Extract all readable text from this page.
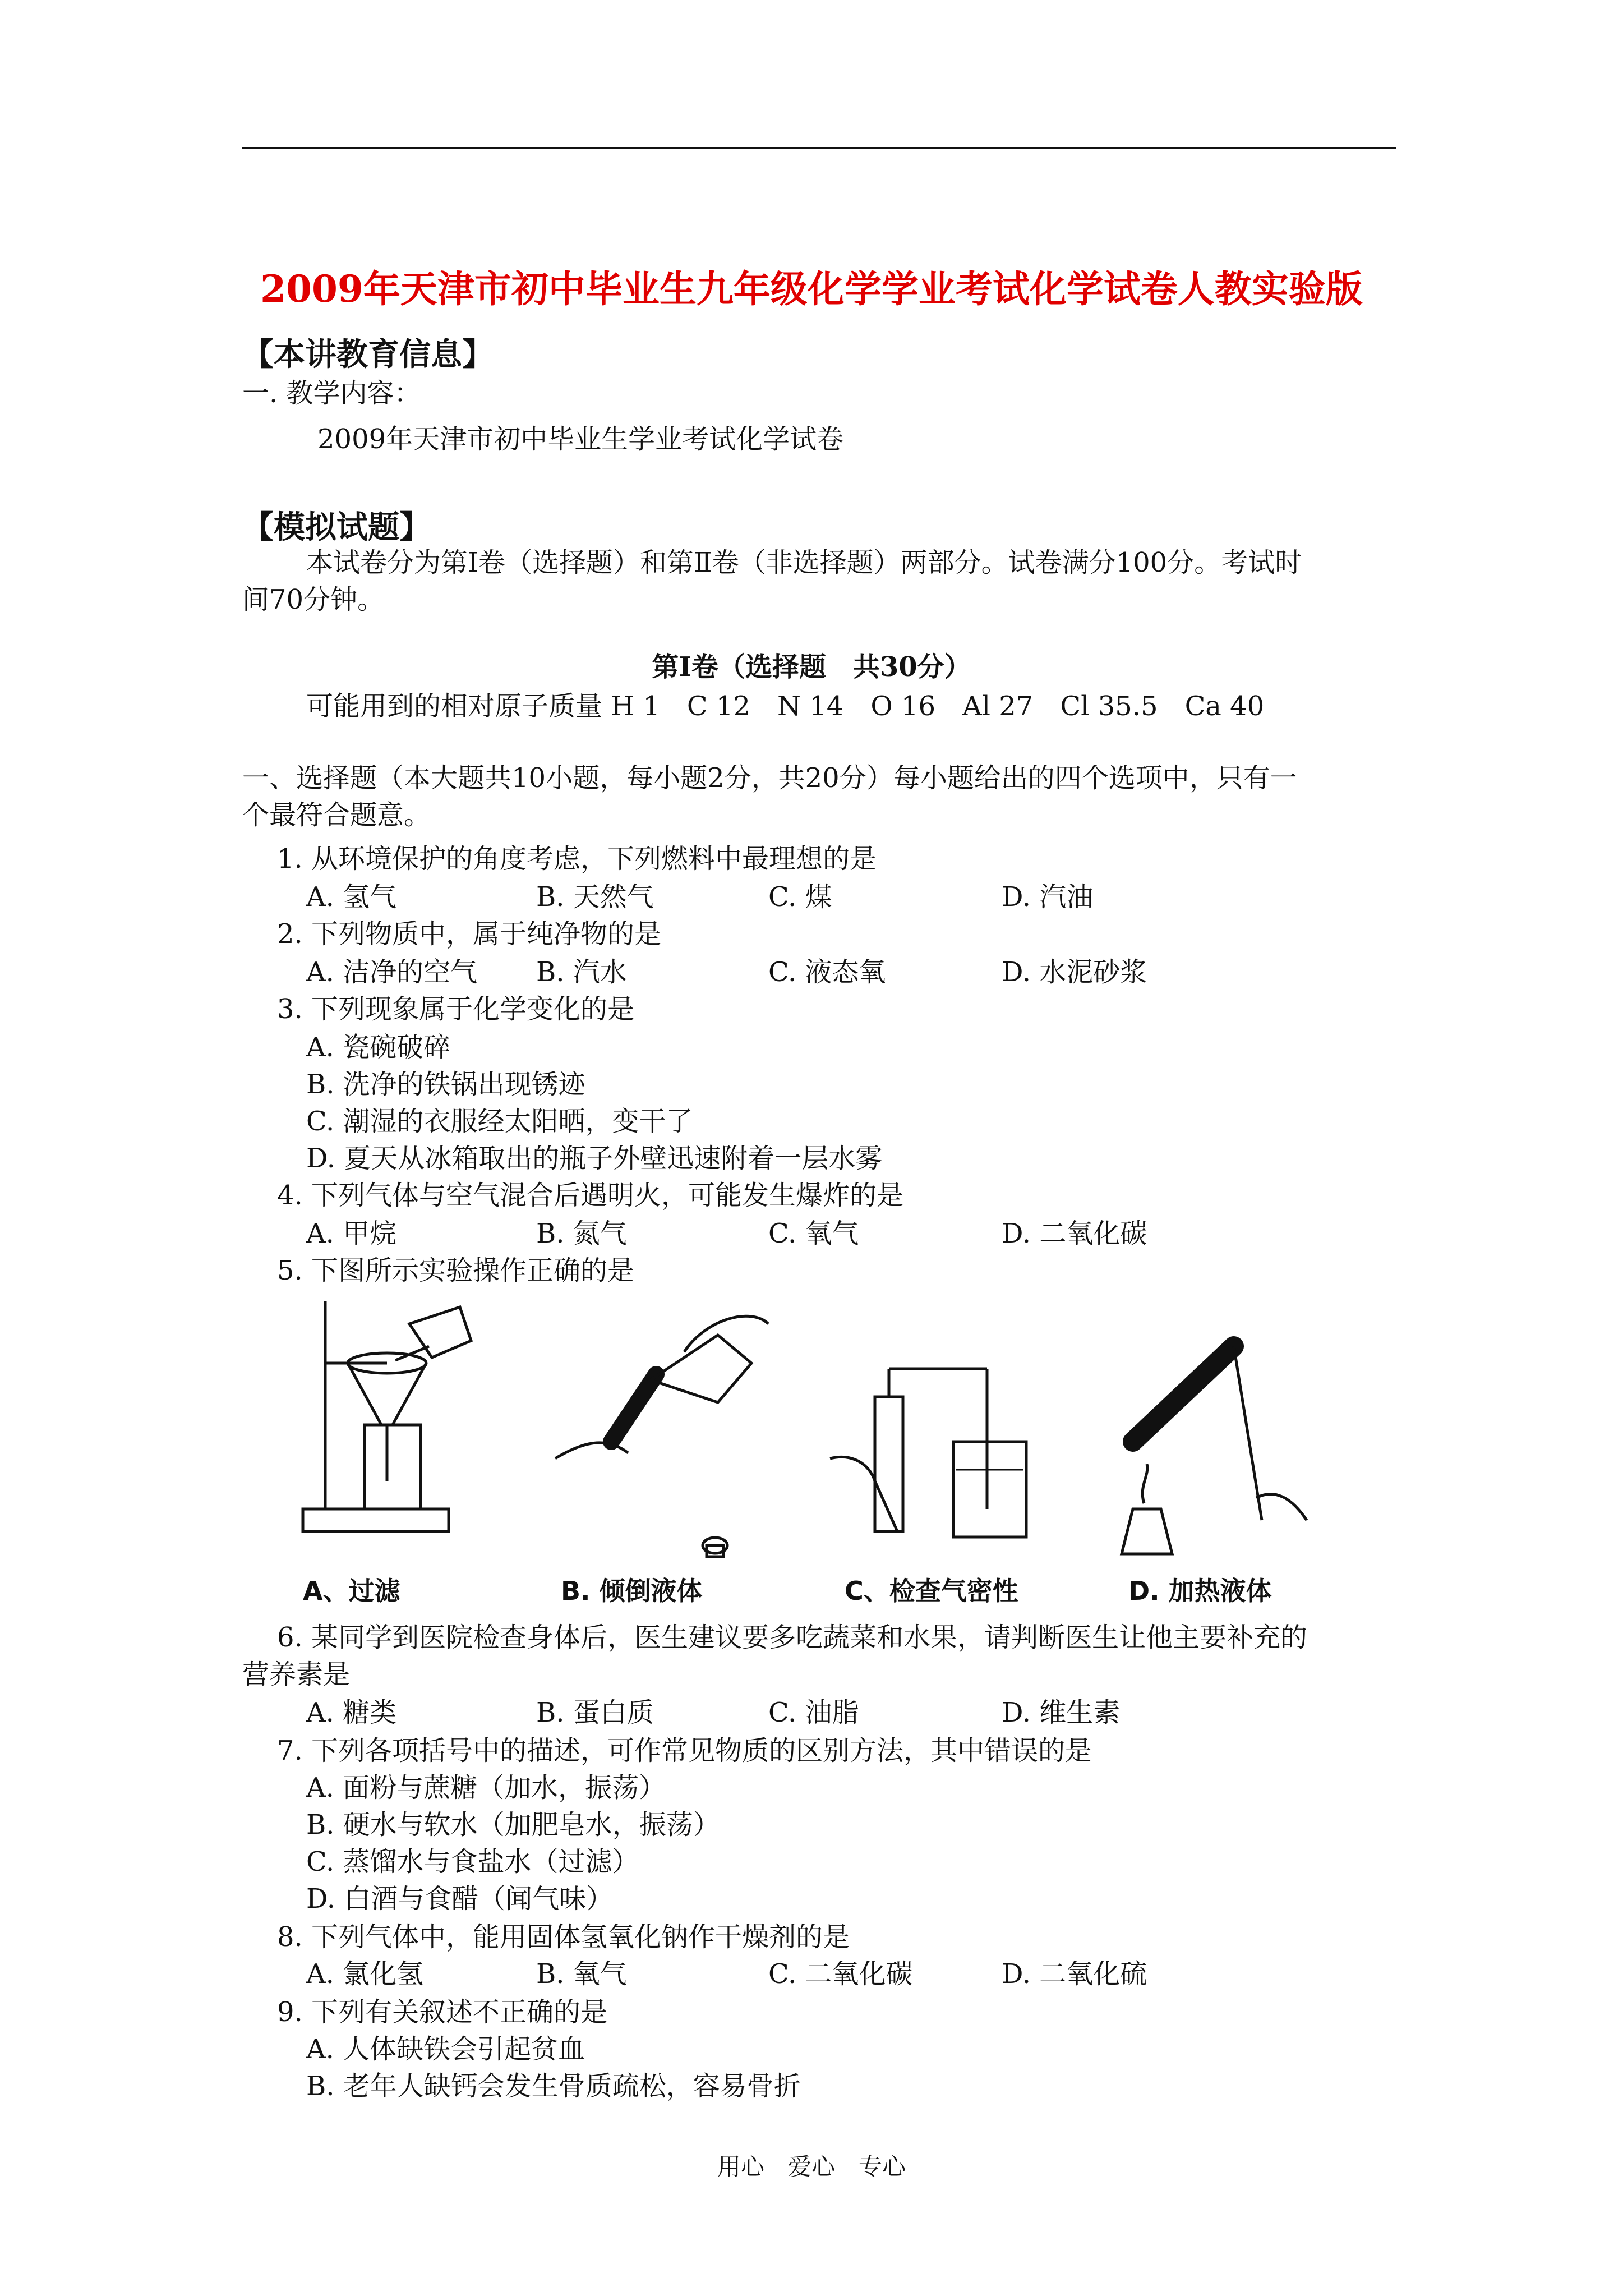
2009年天津市初中毕业生九年级化学学业考试化学试卷人教实验版
【本讲教育信息】
一. 教学内容：
2009年天津市初中毕业生学业考试化学试卷
【模拟试题】
本试卷分为第Ⅰ卷（选择题）和第Ⅱ卷（非选择题）两部分。试卷满分100分。考试时
间70分钟。
第Ⅰ卷（选择题　共30分）
可能用到的相对原子质量 H 1　C 12　N 14　O 16　Al 27　Cl 35.5　Ca 40
一、选择题（本大题共10小题，每小题2分，共20分）每小题给出的四个选项中，只有一
个最符合题意。
1. 从环境保护的角度考虑，下列燃料中最理想的是
A. 氢气	B. 天然气	C. 煤	D. 汽油
2. 下列物质中，属于纯净物的是
A. 洁净的空气 B. 汽水	C. 液态氧	D. 水泥砂浆
3. 下列现象属于化学变化的是
A. 瓷碗破碎
B. 洗净的铁锅出现锈迹
C. 潮湿的衣服经太阳晒，变干了
D. 夏天从冰箱取出的瓶子外壁迅速附着一层水雾
4. 下列气体与空气混合后遇明火，可能发生爆炸的是
A. 甲烷	B. 氮气	C. 氧气	D. 二氧化碳
5. 下图所示实验操作正确的是
A、过滤	B. 倾倒液体	C、检查气密性	D. 加热液体
6. 某同学到医院检查身体后，医生建议要多吃蔬菜和水果，请判断医生让他主要补充的
营养素是
A. 糖类	B. 蛋白质	C. 油脂	D. 维生素
7. 下列各项括号中的描述，可作常见物质的区别方法，其中错误的是
A. 面粉与蔗糖（加水，振荡）
B. 硬水与软水（加肥皂水，振荡）
C. 蒸馏水与食盐水（过滤）
D. 白酒与食醋（闻气味）
8. 下列气体中，能用固体氢氧化钠作干燥剂的是
A. 氯化氢	B. 氧气	C. 二氧化碳	D. 二氧化硫
9. 下列有关叙述不正确的是
A. 人体缺铁会引起贫血
B. 老年人缺钙会发生骨质疏松，容易骨折
用心　爱心　专心
